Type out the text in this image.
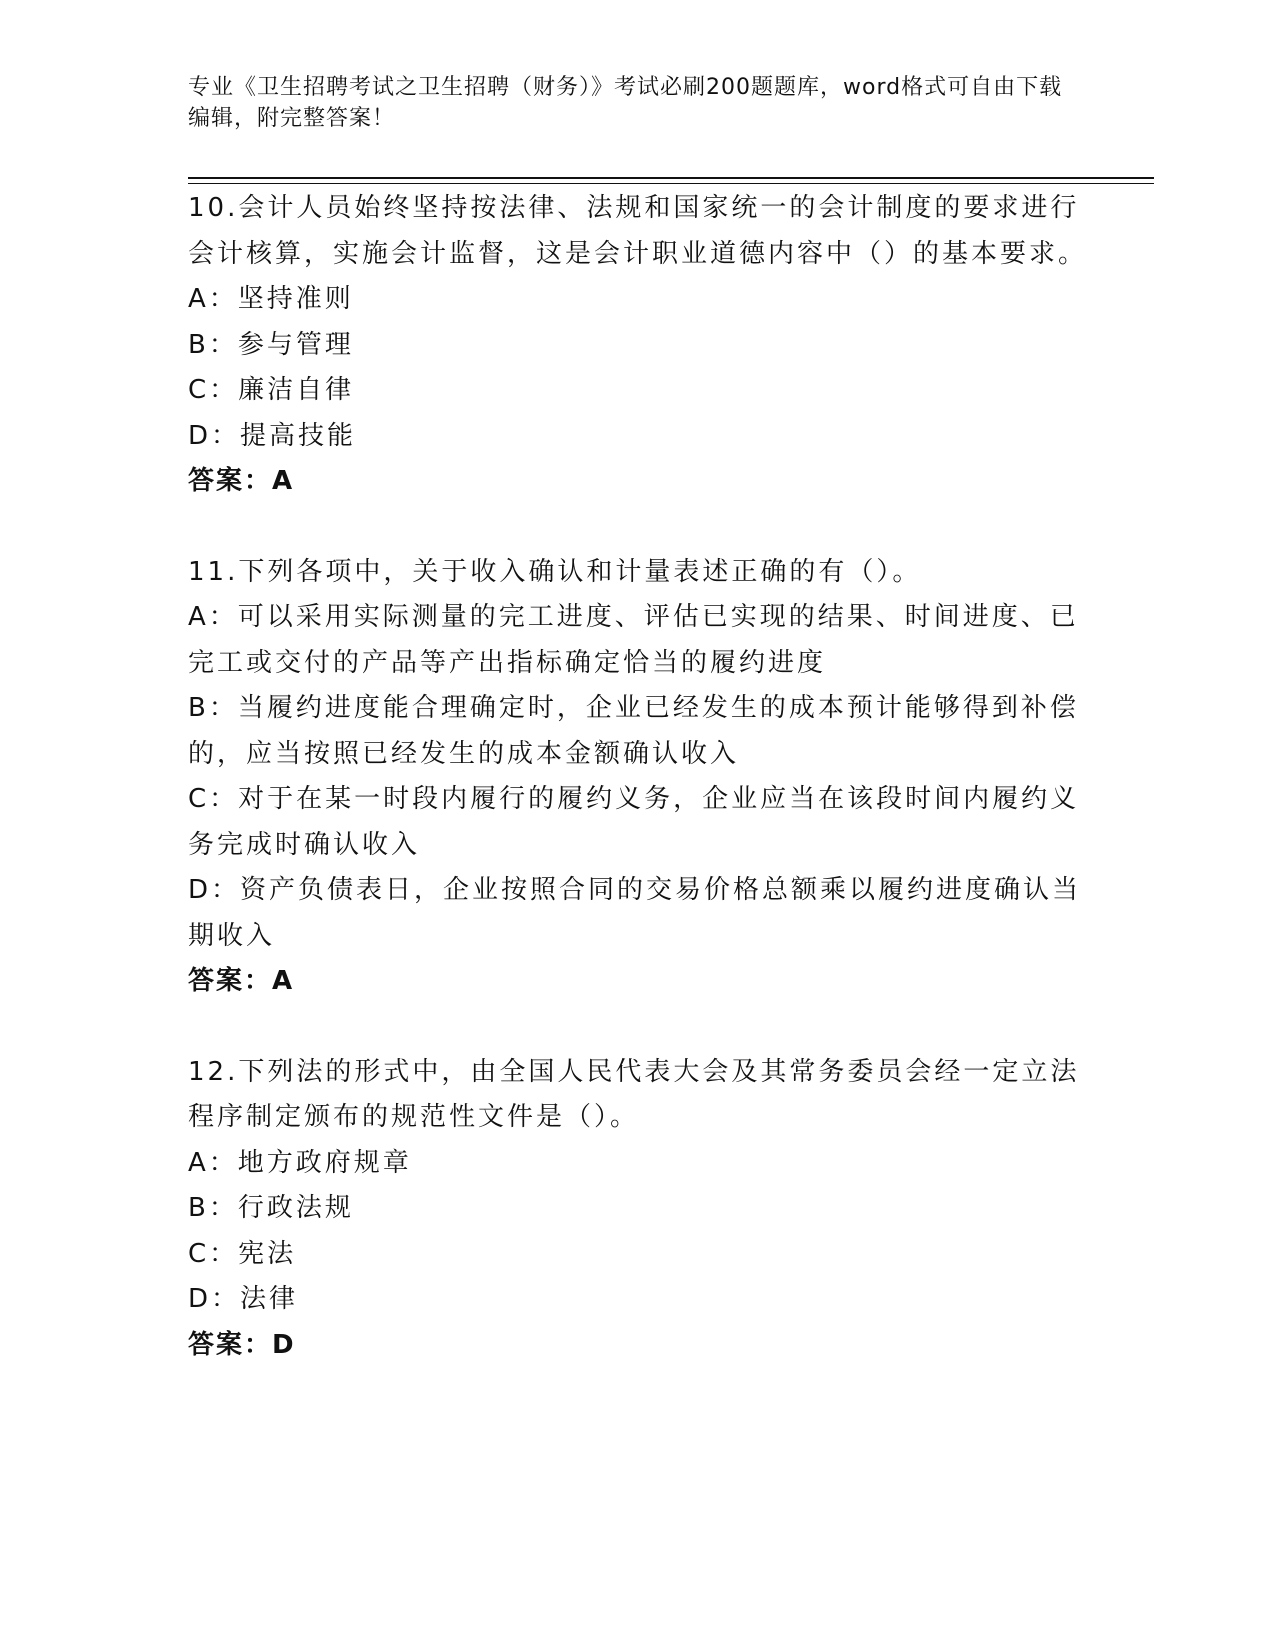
专业《卫生招聘考试之卫生招聘（财务）》考试必刷200题题库，word格式可自由下载编辑，附完整答案！
10.会计人员始终坚持按法律、法规和国家统一的会计制度的要求进行会计核算，实施会计监督，这是会计职业道德内容中（）的基本要求。
A：坚持准则
B：参与管理
C：廉洁自律
D：提高技能
答案：A
11.下列各项中，关于收入确认和计量表述正确的有（）。
A：可以采用实际测量的完工进度、评估已实现的结果、时间进度、已完工或交付的产品等产出指标确定恰当的履约进度
B：当履约进度能合理确定时，企业已经发生的成本预计能够得到补偿的，应当按照已经发生的成本金额确认收入
C：对于在某一时段内履行的履约义务，企业应当在该段时间内履约义务完成时确认收入
D：资产负债表日，企业按照合同的交易价格总额乘以履约进度确认当期收入
答案：A
12.下列法的形式中，由全国人民代表大会及其常务委员会经一定立法程序制定颁布的规范性文件是（）。
A：地方政府规章
B：行政法规
C：宪法
D：法律
答案：D
